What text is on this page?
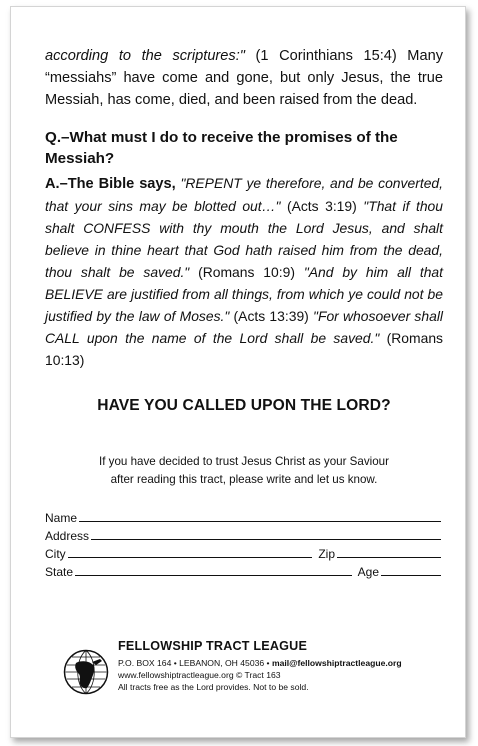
according to the scriptures:" (1 Corinthians 15:4) Many “messiahs” have come and gone, but only Jesus, the true Messiah, has come, died, and been raised from the dead.

Q.–What must I do to receive the promises of the Messiah?

A.–The Bible says, "REPENT ye therefore, and be converted, that your sins may be blotted out…" (Acts 3:19) "That if thou shalt CONFESS with thy mouth the Lord Jesus, and shalt believe in thine heart that God hath raised him from the dead, thou shalt be saved." (Romans 10:9) "And by him all that BELIEVE are justified from all things, from which ye could not be justified by the law of Moses." (Acts 13:39) "For whosoever shall CALL upon the name of the Lord shall be saved." (Romans 10:13)

HAVE YOU CALLED UPON THE LORD?
If you have decided to trust Jesus Christ as your Saviour
after reading this tract, please write and let us know.
Name
Address
City	Zip
State	Age
FELLOWSHIP TRACT LEAGUE
P.O. BOX 164 • LEBANON, OH 45036 • mail@fellowshiptractleague.org
www.fellowshiptractleague.org © Tract 163
All tracts free as the Lord provides. Not to be sold.
